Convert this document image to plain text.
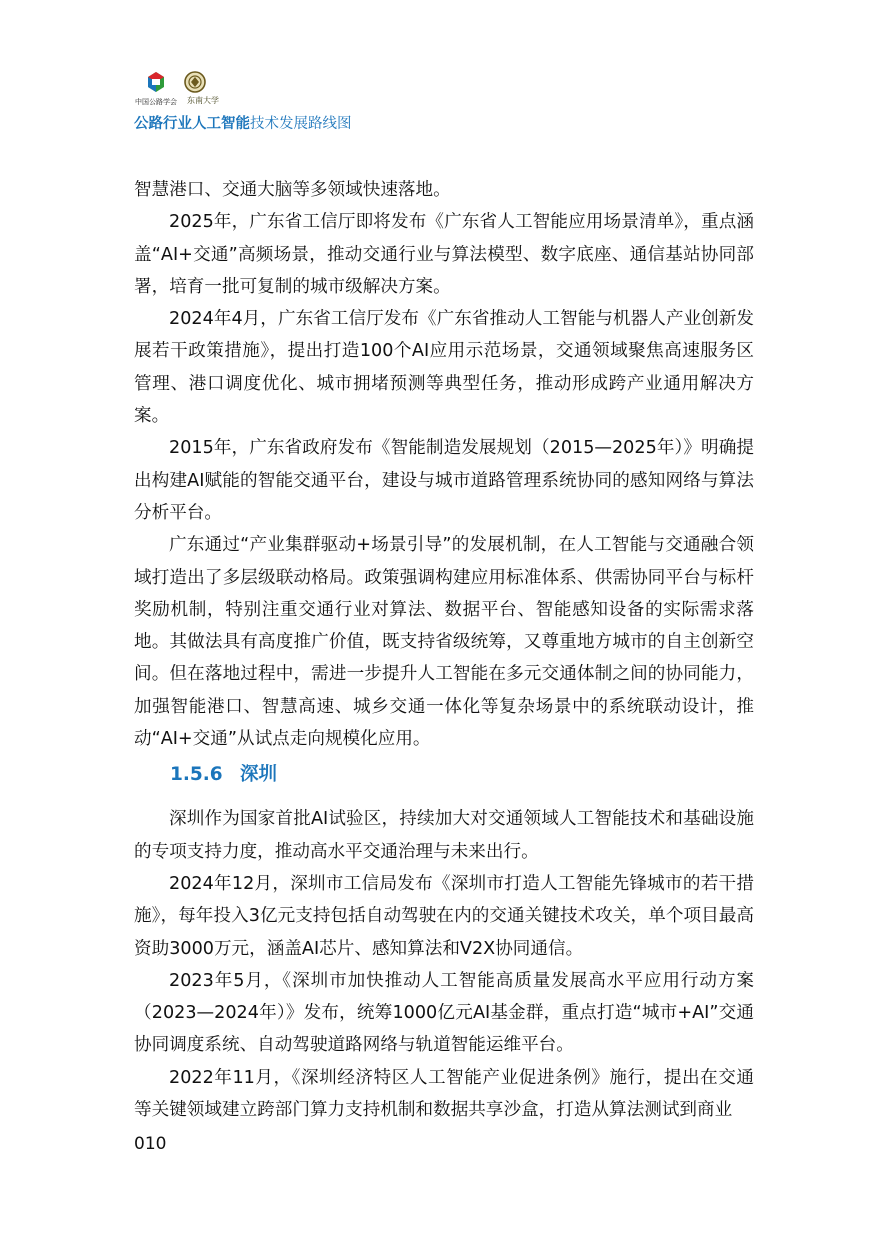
中国公路学会 东南大学
公路行业人工智能技术发展路线图

智慧港口、交通大脑等多领域快速落地。

2025年，广东省工信厅即将发布《广东省人工智能应用场景清单》，重点涵盖“AI+交通”高频场景，推动交通行业与算法模型、数字底座、通信基站协同部署，培育一批可复制的城市级解决方案。

2024年4月，广东省工信厅发布《广东省推动人工智能与机器人产业创新发展若干政策措施》，提出打造100个AI应用示范场景，交通领域聚焦高速服务区管理、港口调度优化、城市拥堵预测等典型任务，推动形成跨产业通用解决方案。

2015年，广东省政府发布《智能制造发展规划（2015—2025年）》明确提出构建AI赋能的智能交通平台，建设与城市道路管理系统协同的感知网络与算法分析平台。

广东通过“产业集群驱动+场景引导”的发展机制，在人工智能与交通融合领域打造出了多层级联动格局。政策强调构建应用标准体系、供需协同平台与标杆奖励机制，特别注重交通行业对算法、数据平台、智能感知设备的实际需求落地。其做法具有高度推广价值，既支持省级统筹，又尊重地方城市的自主创新空间。但在落地过程中，需进一步提升人工智能在多元交通体制之间的协同能力，加强智能港口、智慧高速、城乡交通一体化等复杂场景中的系统联动设计，推动“AI+交通”从试点走向规模化应用。

1.5.6 深圳

深圳作为国家首批AI试验区，持续加大对交通领域人工智能技术和基础设施的专项支持力度，推动高水平交通治理与未来出行。

2024年12月，深圳市工信局发布《深圳市打造人工智能先锋城市的若干措施》，每年投入3亿元支持包括自动驾驶在内的交通关键技术攻关，单个项目最高资助3000万元，涵盖AI芯片、感知算法和V2X协同通信。

2023年5月，《深圳市加快推动人工智能高质量发展高水平应用行动方案（2023—2024年）》发布，统筹1000亿元AI基金群，重点打造“城市+AI”交通协同调度系统、自动驾驶道路网络与轨道智能运维平台。

2022年11月，《深圳经济特区人工智能产业促进条例》施行，提出在交通等关键领域建立跨部门算力支持机制和数据共享沙盒，打造从算法测试到商业

010
